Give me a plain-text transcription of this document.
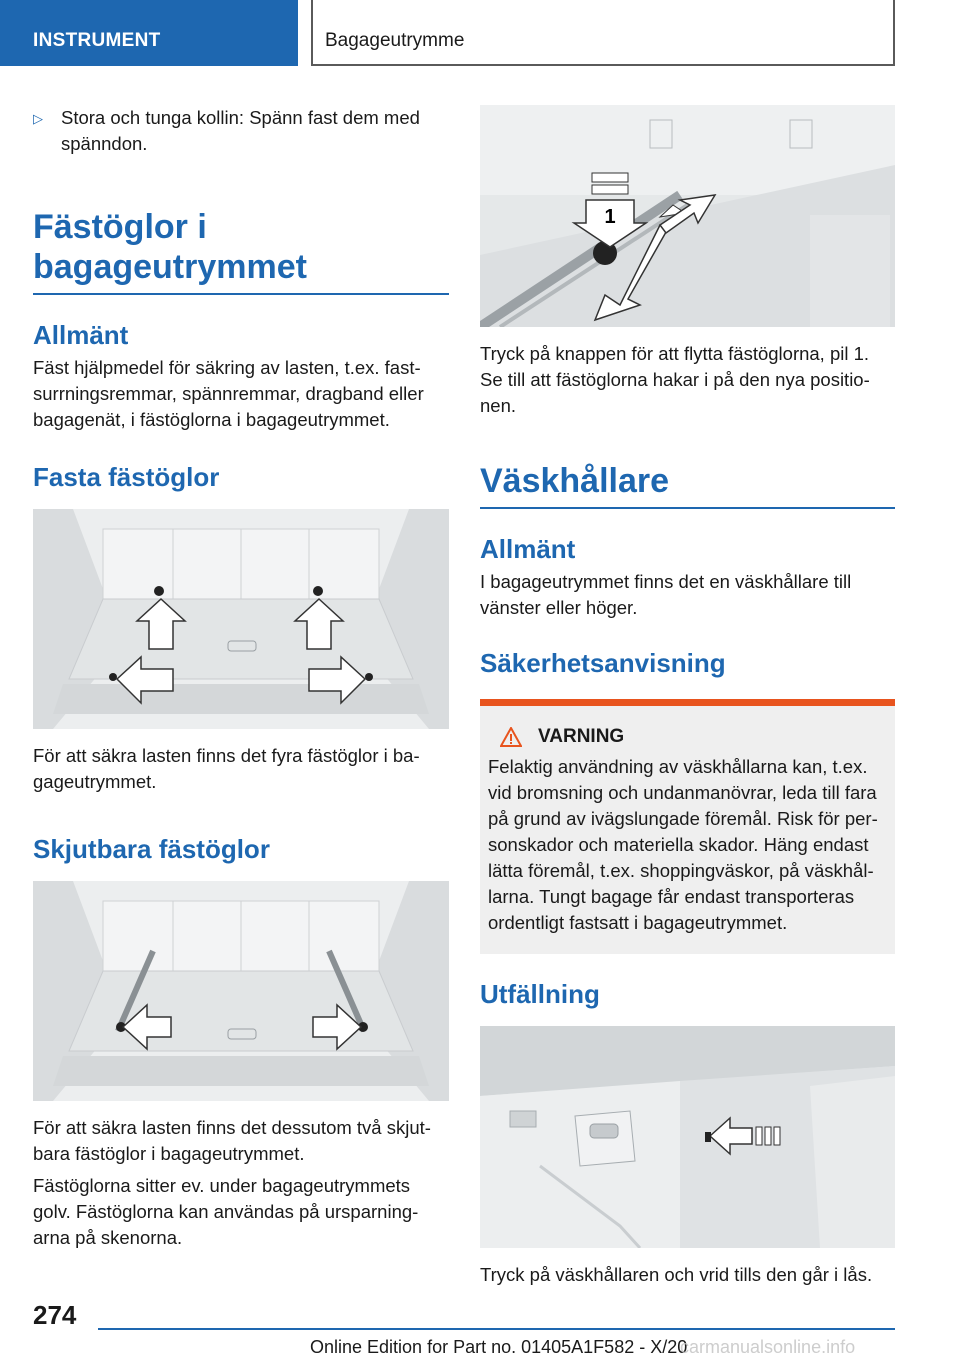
INSTRUMENT	Bagageutrymme
▷ Stora och tunga kollin: Spänn fast dem med spänndon.
Fästöglor i bagageutrymmet
Allmänt
Fäst hjälpmedel för säkring av lasten, t.ex. fastsurrningsremmar, spännremmar, dragband eller bagagenät, i fästöglorna i bagageutrymmet.
Fasta fästöglor
För att säkra lasten finns det fyra fästöglor i bagageutrymmet.
Skjutbara fästöglor
För att säkra lasten finns det dessutom två skjutbara fästöglor i bagageutrymmet.
Fästöglorna sitter ev. under bagageutrymmets golv. Fästöglorna kan användas på ursparningarna på skenorna.
1
Tryck på knappen för att flytta fästöglorna, pil 1. Se till att fästöglorna hakar i på den nya positionen.
Väskhållare
Allmänt
I bagageutrymmet finns det en väskhållare till vänster eller höger.
Säkerhetsanvisning
VARNING
Felaktig användning av väskhållarna kan, t.ex. vid bromsning och undanmanövrar, leda till fara på grund av ivägslungade föremål. Risk för personskador och materiella skador. Häng endast lätta föremål, t.ex. shoppingväskor, på väskhållarna. Tungt bagage får endast transporteras ordentligt fastsatt i bagageutrymmet.
Utfällning
Tryck på väskhållaren och vrid tills den går i lås.
274
Online Edition for Part no. 01405A1F582 - X/20
carmanualsonline.info
